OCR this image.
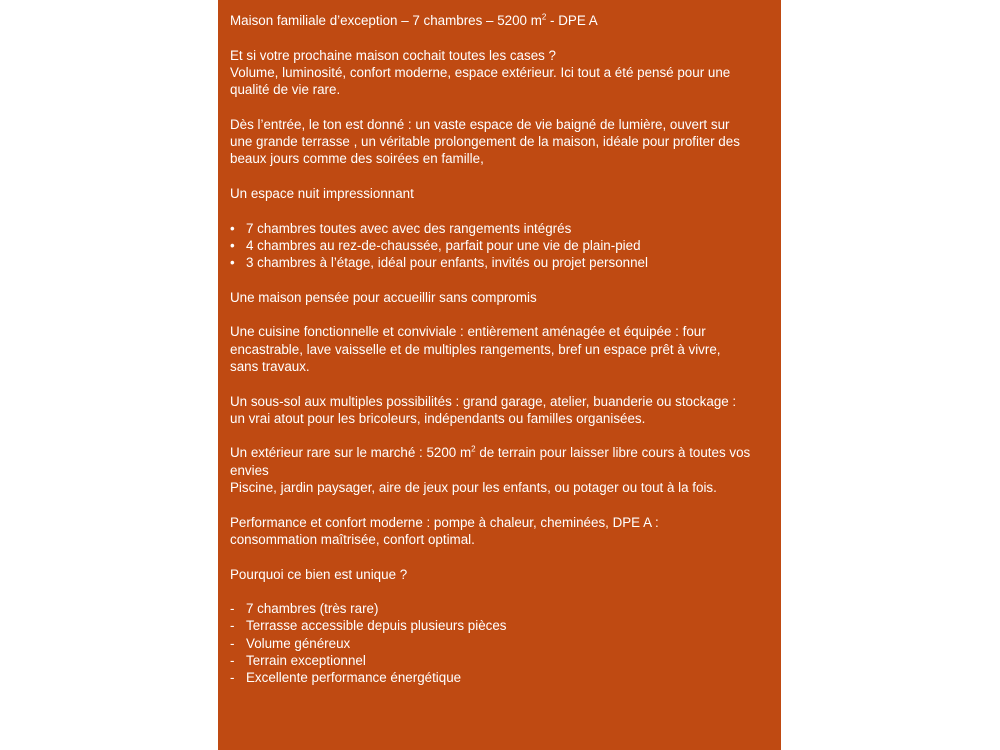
Maison familiale d’exception – 7 chambres – 5200 $m^2$ - DPE A

Et si votre prochaine maison cochait toutes les cases ?

Volume, luminosité, confort moderne, espace extérieur. Ici tout a été pensé pour une

qualité de vie rare.

Dès l’entrée, le ton est donné : un vaste espace de vie baigné de lumière, ouvert sur

une grande terrasse , un véritable prolongement de la maison, idéale pour profiter des

beaux jours comme des soirées en famille,

Un espace nuit impressionnant

• 7 chambres toutes avec avec des rangements intégrés
• 4 chambres au rez-de-chaussée, parfait pour une vie de plain-pied
• 3 chambres à l’étage, idéal pour enfants, invités ou projet personnel

Une maison pensée pour accueillir sans compromis

Une cuisine fonctionnelle et conviviale : entièrement aménagée et équipée : four

encastrable, lave vaisselle et de multiples rangements, bref un espace prêt à vivre,

sans travaux.

Un sous-sol aux multiples possibilités : grand garage, atelier, buanderie ou stockage :

un vrai atout pour les bricoleurs, indépendants ou familles organisées.

Un extérieur rare sur le marché : 5200 $m^2$ de terrain pour laisser libre cours à toutes vos

envies

Piscine, jardin paysager, aire de jeux pour les enfants, ou potager ou tout à la fois.

Performance et confort moderne : pompe à chaleur, cheminées, DPE A :

consommation maîtrisée, confort optimal.

Pourquoi ce bien est unique ?

- 7 chambres (très rare)
- Terrasse accessible depuis plusieurs pièces
- Volume généreux
- Terrain exceptionnel
- Excellente performance énergétique
